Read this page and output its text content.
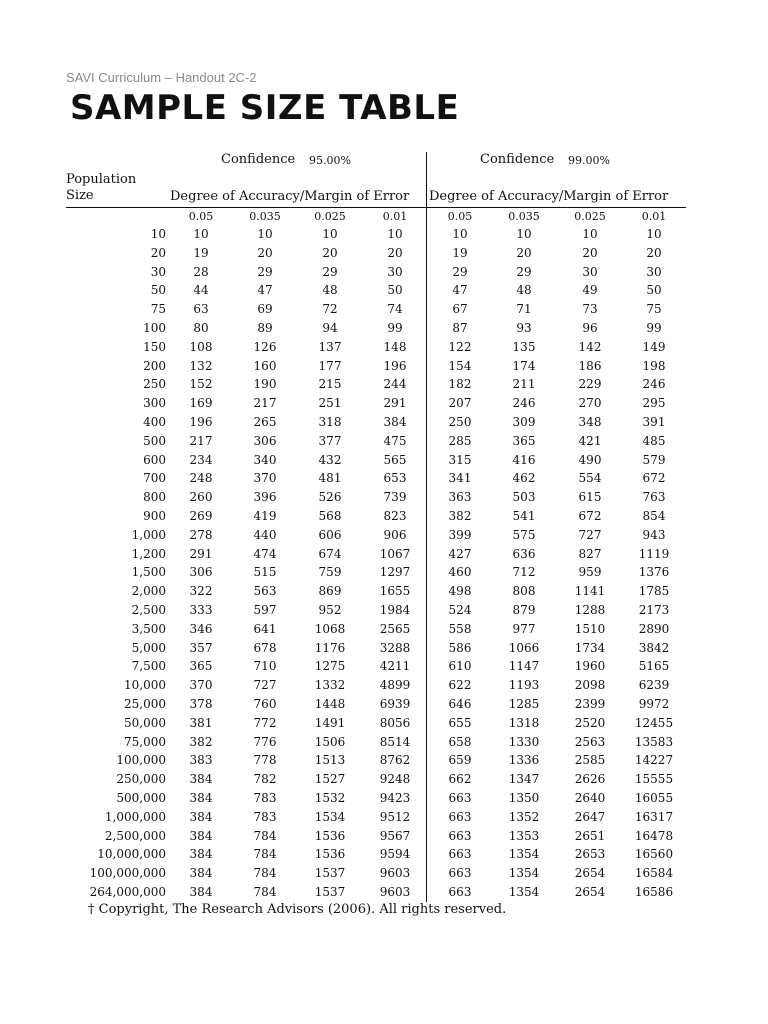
SAVI Curriculum – Handout 2C-2
SAMPLE SIZE TABLE
Confidence 95.00%	Confidence 99.00%
Population
Size	Degree of Accuracy/Margin of Error Degree of Accuracy/Margin of Error
0.05	0.035	0.025	0.01	0.05	0.035	0.025	0.01
10	10	10	10	10	10	10	10	10
20	19	20	20	20	19	20	20	20
30	28	29	29	30	29	29	30	30
50	44	47	48	50	47	48	49	50
75	63	69	72	74	67	71	73	75
100	80	89	94	99	87	93	96	99
150	108	126	137	148	122	135	142	149
200	132	160	177	196	154	174	186	198
250	152	190	215	244	182	211	229	246
300	169	217	251	291	207	246	270	295
400	196	265	318	384	250	309	348	391
500	217	306	377	475	285	365	421	485
600	234	340	432	565	315	416	490	579
700	248	370	481	653	341	462	554	672
800	260	396	526	739	363	503	615	763
900	269	419	568	823	382	541	672	854
1,000	278	440	606	906	399	575	727	943
1,200	291	474	674	1067	427	636	827	1119
1,500	306	515	759	1297	460	712	959	1376
2,000	322	563	869	1655	498	808	1141	1785
2,500	333	597	952	1984	524	879	1288	2173
3,500	346	641	1068	2565	558	977	1510	2890
5,000	357	678	1176	3288	586	1066	1734	3842
7,500	365	710	1275	4211	610	1147	1960	5165
10,000	370	727	1332	4899	622	1193	2098	6239
25,000	378	760	1448	6939	646	1285	2399	9972
50,000	381	772	1491	8056	655	1318	2520	12455
75,000	382	776	1506	8514	658	1330	2563	13583
100,000	383	778	1513	8762	659	1336	2585	14227
250,000	384	782	1527	9248	662	1347	2626	15555
500,000	384	783	1532	9423	663	1350	2640	16055
1,000,000	384	783	1534	9512	663	1352	2647	16317
2,500,000	384	784	1536	9567	663	1353	2651	16478
10,000,000	384	784	1536	9594	663	1354	2653	16560
100,000,000	384	784	1537	9603	663	1354	2654	16584
264,000,000	384	784	1537	9603	663	1354	2654	16586
† Copyright, The Research Advisors (2006). All rights reserved.
